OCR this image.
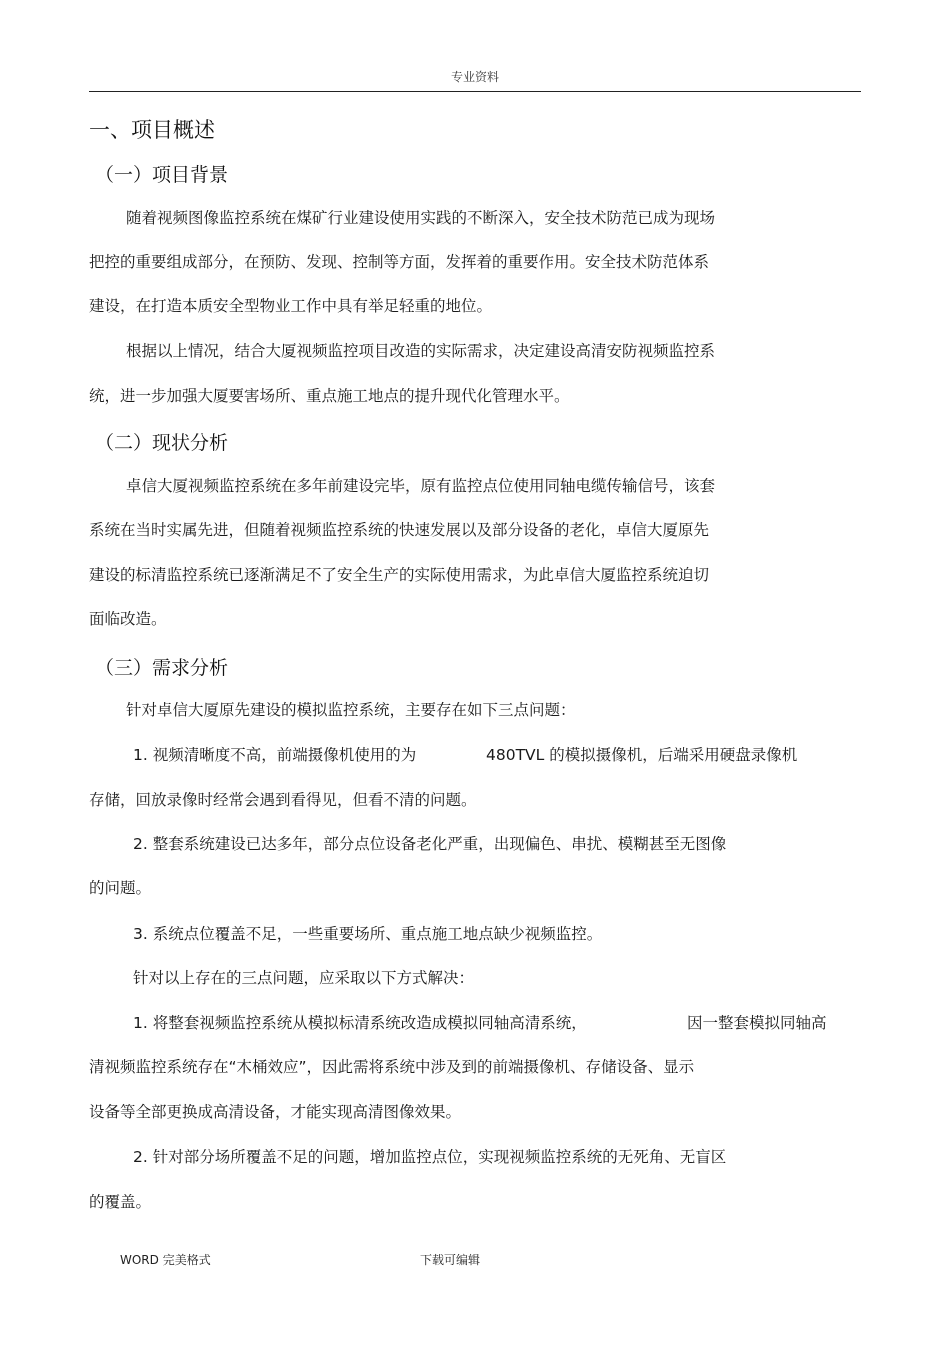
专业资料
一、项目概述
（一）项目背景
随着视频图像监控系统在煤矿行业建设使用实践的不断深入，安全技术防范已成为现场
把控的重要组成部分，在预防、发现、控制等方面，发挥着的重要作用。安全技术防范体系
建设，在打造本质安全型物业工作中具有举足轻重的地位。
根据以上情况，结合大厦视频监控项目改造的实际需求，决定建设高清安防视频监控系
统，进一步加强大厦要害场所、重点施工地点的提升现代化管理水平。
（二）现状分析
卓信大厦视频监控系统在多年前建设完毕，原有监控点位使用同轴电缆传输信号，该套
系统在当时实属先进，但随着视频监控系统的快速发展以及部分设备的老化，卓信大厦原先
建设的标清监控系统已逐渐满足不了安全生产的实际使用需求，为此卓信大厦监控系统迫切
面临改造。
（三）需求分析
针对卓信大厦原先建设的模拟监控系统，主要存在如下三点问题：
1. 视频清晰度不高，前端摄像机使用的为	480TVL 的模拟摄像机，后端采用硬盘录像机
存储，回放录像时经常会遇到看得见，但看不清的问题。
2. 整套系统建设已达多年，部分点位设备老化严重，出现偏色、串扰、模糊甚至无图像
的问题。
3. 系统点位覆盖不足，一些重要场所、重点施工地点缺少视频监控。
针对以上存在的三点问题，应采取以下方式解决：
1. 将整套视频监控系统从模拟标清系统改造成模拟同轴高清系统，	因一整套模拟同轴高
清视频监控系统存在“木桶效应”，因此需将系统中涉及到的前端摄像机、存储设备、显示
设备等全部更换成高清设备，才能实现高清图像效果。
2. 针对部分场所覆盖不足的问题，增加监控点位，实现视频监控系统的无死角、无盲区
的覆盖。
WORD 完美格式	下载可编辑
